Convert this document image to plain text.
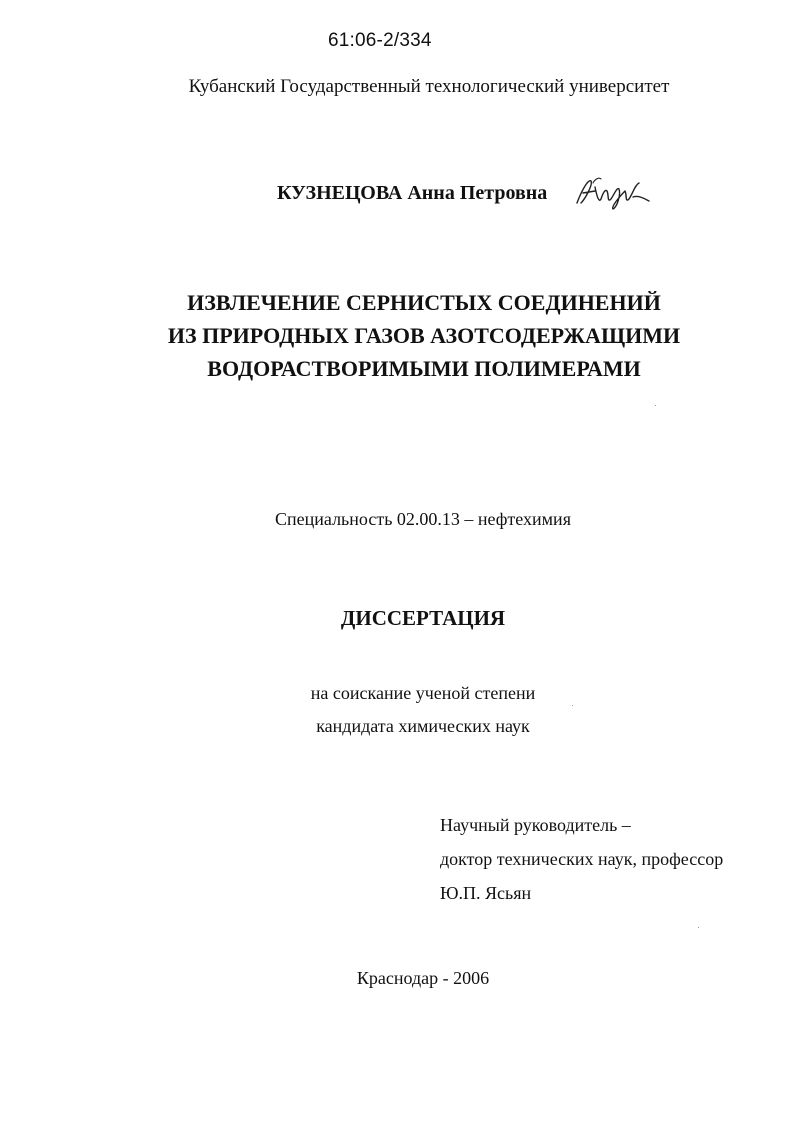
61:06-2/334
Кубанский Государственный технологический университет
КУЗНЕЦОВА Анна Петровна
ИЗВЛЕЧЕНИЕ СЕРНИСТЫХ СОЕДИНЕНИЙ
ИЗ ПРИРОДНЫХ ГАЗОВ АЗОТСОДЕРЖАЩИМИ
ВОДОРАСТВОРИМЫМИ ПОЛИМЕРАМИ
Специальность 02.00.13 – нефтехимия
ДИССЕРТАЦИЯ
на соискание ученой степени
кандидата химических наук
Научный руководитель –
доктор технических наук, профессор
Ю.П. Ясьян
Краснодар - 2006
